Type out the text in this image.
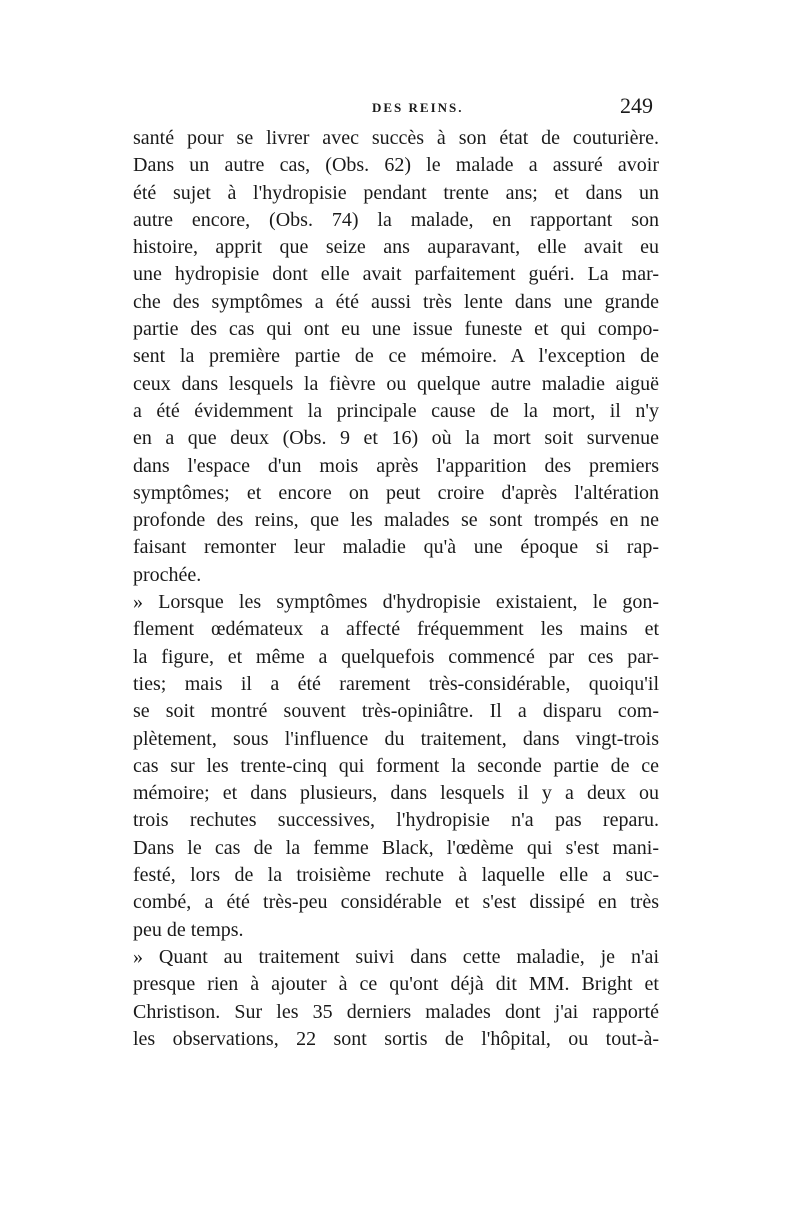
DES REINS.	249
santé pour se livrer avec succès à son état de couturière.
Dans un autre cas, (Obs. 62) le malade a assuré avoir
été sujet à l'hydropisie pendant trente ans; et dans un
autre encore, (Obs. 74) la malade, en rapportant son
histoire, apprit que seize ans auparavant, elle avait eu
une hydropisie dont elle avait parfaitement guéri. La mar-
che des symptômes a été aussi très lente dans une grande
partie des cas qui ont eu une issue funeste et qui compo-
sent la première partie de ce mémoire. A l'exception de
ceux dans lesquels la fièvre ou quelque autre maladie aiguë
a été évidemment la principale cause de la mort, il n'y
en a que deux (Obs. 9 et 16) où la mort soit survenue
dans l'espace d'un mois après l'apparition des premiers
symptômes; et encore on peut croire d'après l'altération
profonde des reins, que les malades se sont trompés en ne
faisant remonter leur maladie qu'à une époque si rap-
prochée.
» Lorsque les symptômes d'hydropisie existaient, le gon-
flement œdémateux a affecté fréquemment les mains et
la figure, et même a quelquefois commencé par ces par-
ties; mais il a été rarement très-considérable, quoiqu'il
se soit montré souvent très-opiniâtre. Il a disparu com-
plètement, sous l'influence du traitement, dans vingt-trois
cas sur les trente-cinq qui forment la seconde partie de ce
mémoire; et dans plusieurs, dans lesquels il y a deux ou
trois rechutes successives, l'hydropisie n'a pas reparu.
Dans le cas de la femme Black, l'œdème qui s'est mani-
festé, lors de la troisième rechute à laquelle elle a suc-
combé, a été très-peu considérable et s'est dissipé en très
peu de temps.
» Quant au traitement suivi dans cette maladie, je n'ai
presque rien à ajouter à ce qu'ont déjà dit MM. Bright et
Christison. Sur les 35 derniers malades dont j'ai rapporté
les observations, 22 sont sortis de l'hôpital, ou tout-à-
